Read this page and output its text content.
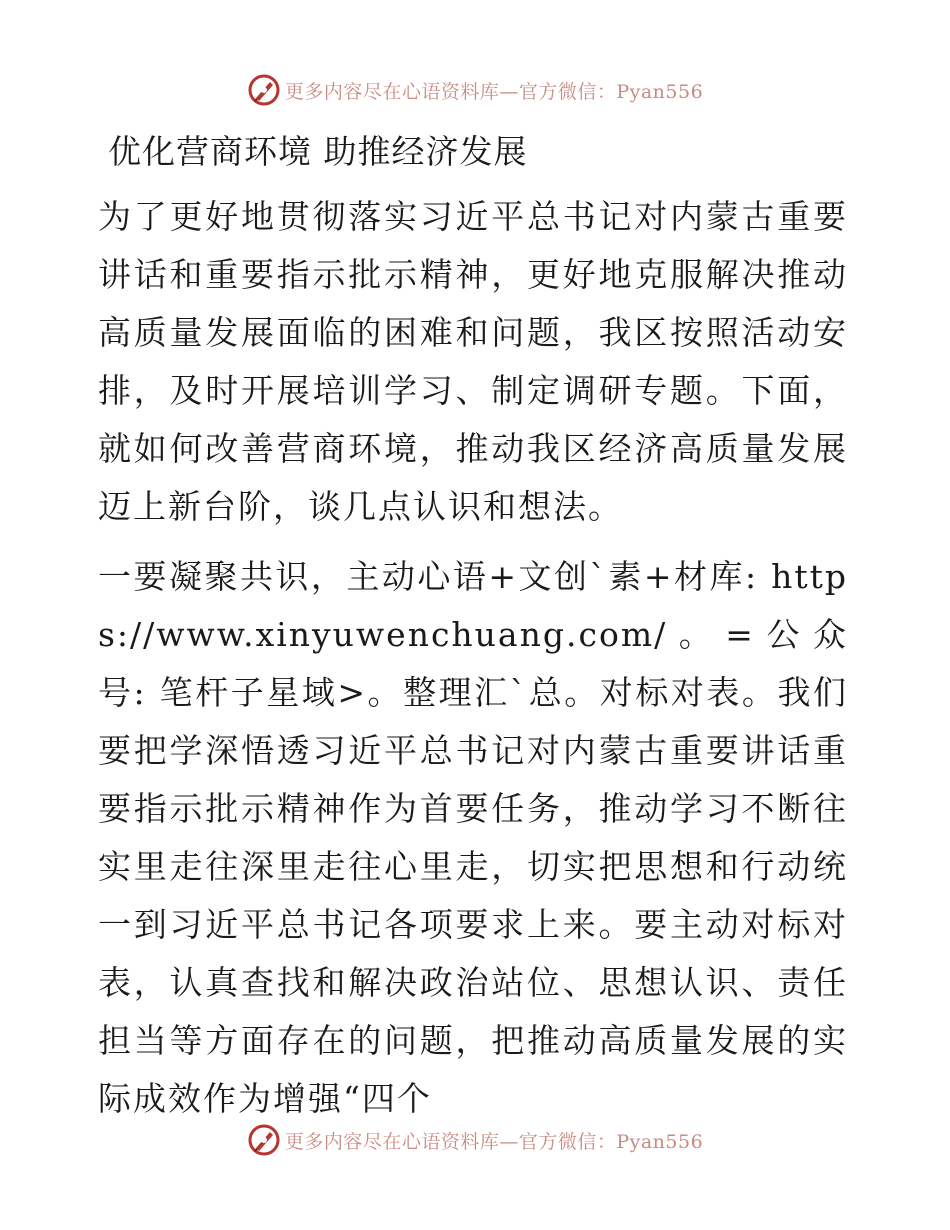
更多内容尽在心语资料库—官方微信：Pyan556
优化营商环境 助推经济发展

为了更好地贯彻落实习近平总书记对内蒙古重要讲话和重要指示批示精神，更好地克服解决推动高质量发展面临的困难和问题，我区按照活动安排，及时开展培训学习、制定调研专题。下面，就如何改善营商环境，推动我区经济高质量发展迈上新台阶，谈几点认识和想法。

一要凝聚共识，主动心语+文创`素+材库: https://www.xinyuwenchuang.com/。=公众号: 笔杆子星域>。整理汇`总。对标对表。我们要把学深悟透习近平总书记对内蒙古重要讲话重要指示批示精神作为首要任务，推动学习不断往实里走往深里走往心里走，切实把思想和行动统一到习近平总书记各项要求上来。要主动对标对表，认真查找和解决政治站位、思想认识、责任担当等方面存在的问题，把推动高质量发展的实际成效作为增强“四个

更多内容尽在心语资料库—官方微信：Pyan556
